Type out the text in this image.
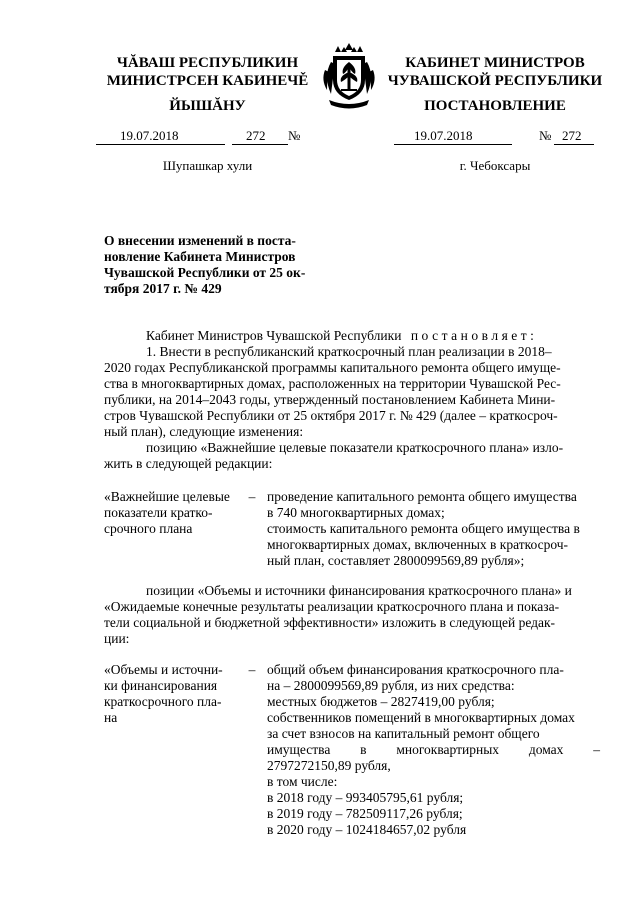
ЧĂВАШ РЕСПУБЛИКИН
МИНИСТРСЕН КАБИНЕЧĚ
КАБИНЕТ МИНИСТРОВ
ЧУВАШСКОЙ РЕСПУБЛИКИ
ЙЫШĂНУ	ПОСТАНОВЛЕНИЕ
19.07.2018	272 №	19.07.2018	№ 272
Шупашкар хули	г. Чебоксары
О внесении изменений в поста-
новление Кабинета Министров
Чувашской Республики от 25 ок-
тября 2017 г. № 429
Кабинет Министров Чувашской Республики постановляет:
1. Внести в республиканский краткосрочный план реализации в 2018–
2020 годах Республиканской программы капитального ремонта общего имуще-
ства в многоквартирных домах, расположенных на территории Чувашской Рес-
публики, на 2014–2043 годы, утвержденный постановлением Кабинета Мини-
стров Чувашской Республики от 25 октября 2017 г. № 429 (далее – краткосроч-
ный план), следующие изменения:
позицию «Важнейшие целевые показатели краткосрочного плана» изло-
жить в следующей редакции:
«Важнейшие целевые
показатели кратко-
срочного плана
– проведение капитального ремонта общего имущества
в 740 многоквартирных домах;
стоимость капитального ремонта общего имущества в
многоквартирных домах, включенных в краткосроч-
ный план, составляет 2800099569,89 рубля»;
позиции «Объемы и источники финансирования краткосрочного плана» и
«Ожидаемые конечные результаты реализации краткосрочного плана и показа-
тели социальной и бюджетной эффективности» изложить в следующей редак-
ции:
«Объемы и источни-
ки финансирования
краткосрочного пла-
на
– общий объем финансирования краткосрочного пла-
на – 2800099569,89 рубля, из них средства:
местных бюджетов – 2827419,00 рубля;
собственников помещений в многоквартирных домах
за счет взносов на капитальный ремонт общего
имущества в многоквартирных домах –
2797272150,89 рубля,
в том числе:
в 2018 году – 993405795,61 рубля;
в 2019 году – 782509117,26 рубля;
в 2020 году – 1024184657,02 рубля
